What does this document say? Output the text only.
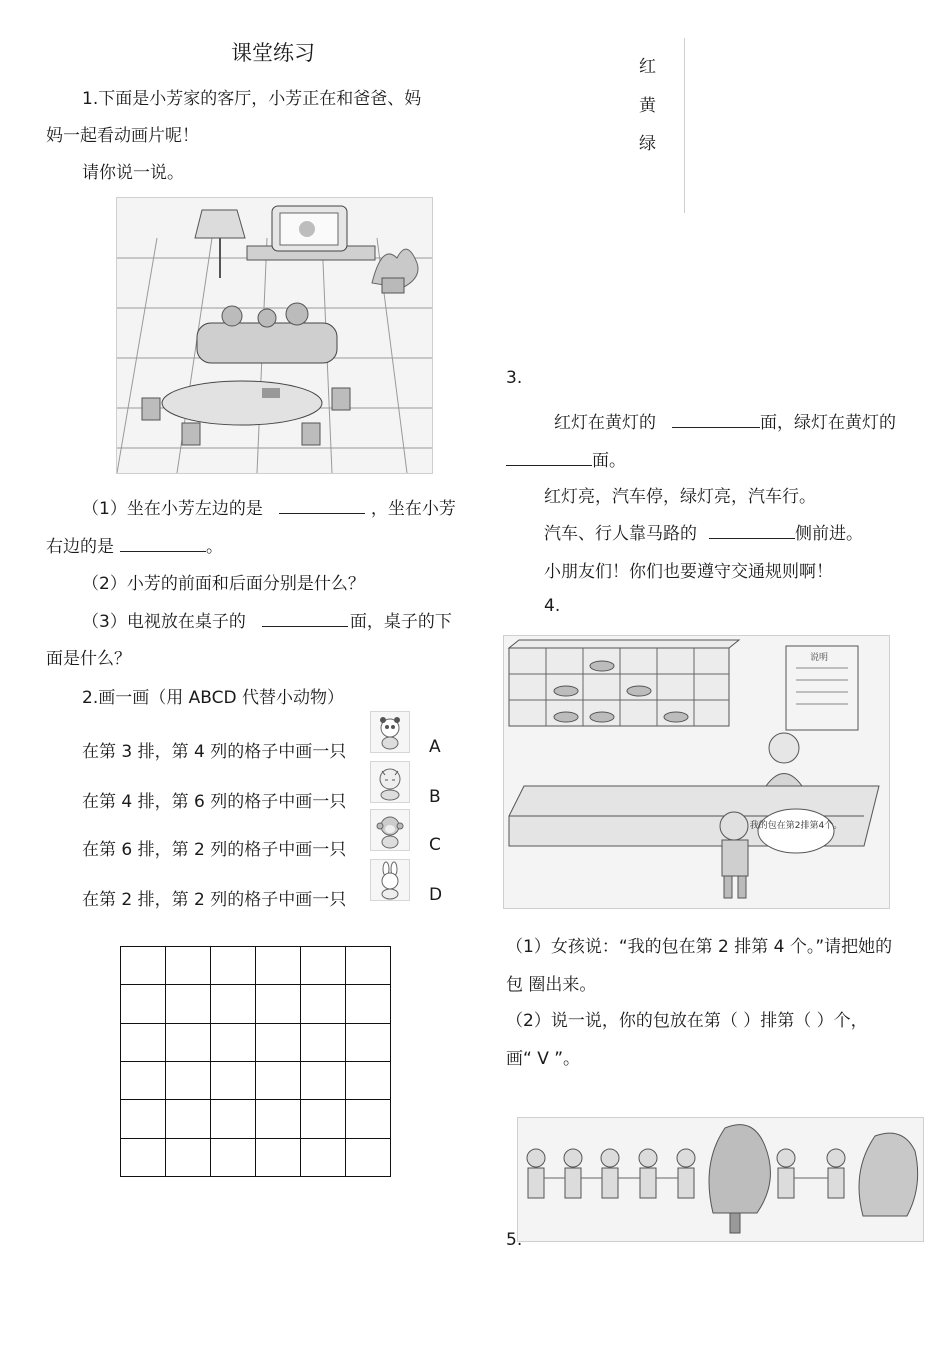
课堂练习
红
黄
绿
1.下面是小芳家的客厅，小芳正在和爸爸、妈
妈一起看动画片呢！
请你说一说。
（1）坐在小芳左边的是	，坐在小芳
右边的是	。
（2）小芳的前面和后面分别是什么？
（3）电视放在桌子的	面，桌子的下
面是什么？
2.画一画（用 ABCD 代替小动物）
在第 3 排，第 4 列的格子中画一只	A
在第 4 排，第 6 列的格子中画一只	B
在第 6 排，第 2 列的格子中画一只	C
在第 2 排，第 2 列的格子中画一只	D
3.
红灯在黄灯的	面，绿灯在黄灯的
面。
红灯亮，汽车停，绿灯亮，汽车行。
汽车、行人靠马路的	侧前进。
小朋友们！你们也要遵守交通规则啊！
4.
说明
我的包在第2排第4个。
（1）女孩说：“我的包在第 2 排第 4 个。”请把她的
包 圈出来。
（2）说一说，你的包放在第（ ）排第（ ）个，
画“ V ”。
5.
